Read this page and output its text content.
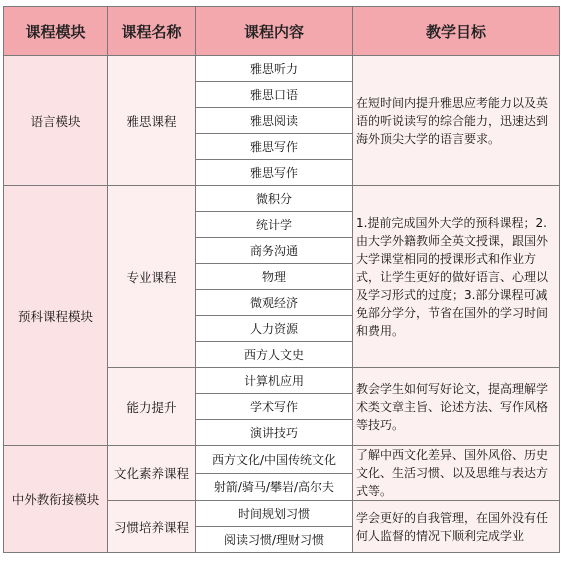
课程模块	课程名称	课程内容	教学目标
语言模块	雅思课程	雅思听力	在短时间内提升雅思应考能力以及英语的听说读写的综合能力，迅速达到海外顶尖大学的语言要求。
		雅思口语	
		雅思阅读	
		雅思写作	
		雅思写作	
预科课程模块	专业课程	微积分	1.提前完成国外大学的预科课程；2.由大学外籍教师全英文授课，跟国外大学课堂相同的授课形式和作业方式，让学生更好的做好语言、心理以及学习形式的过度；3.部分课程可减免部分学分，节省在国外的学习时间和费用。
		统计学	
		商务沟通	
		物理	
		微观经济	
		人力资源	
		西方人文史	
	能力提升	计算机应用	教会学生如何写好论文，提高理解学术类文章主旨、论述方法、写作风格等技巧。
		学术写作	
		演讲技巧	
中外教衔接模块	文化素养课程	西方文化/中国传统文化	了解中西文化差异、国外风俗、历史文化、生活习惯、以及思维与表达方式等。
		射箭/骑马/攀岩/高尔夫	
	习惯培养课程	时间规划习惯	学会更好的自我管理，在国外没有任何人监督的情况下顺利完成学业
		阅读习惯/理财习惯	
